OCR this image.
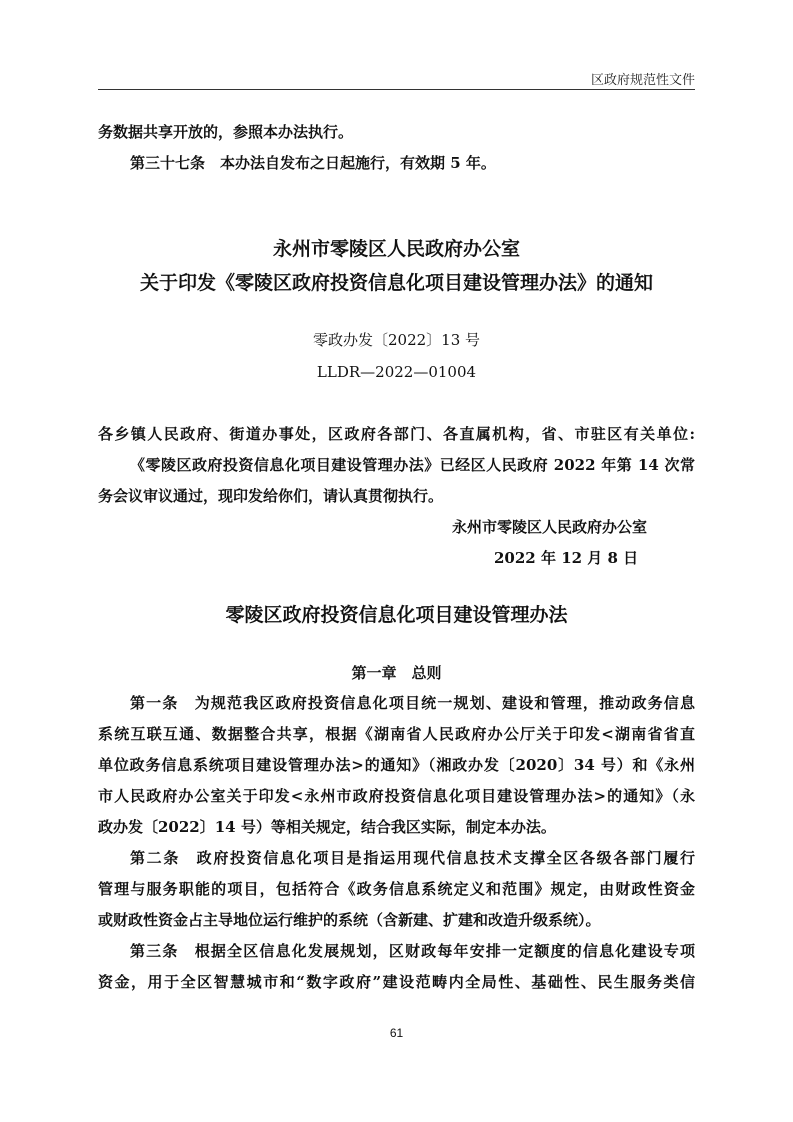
区政府规范性文件
务数据共享开放的，参照本办法执行。
第三十七条　本办法自发布之日起施行，有效期 5 年。
永州市零陵区人民政府办公室
关于印发《零陵区政府投资信息化项目建设管理办法》的通知
零政办发〔2022〕13 号
LLDR—2022—01004
各乡镇人民政府、街道办事处，区政府各部门、各直属机构，省、市驻区有关单位:
《零陵区政府投资信息化项目建设管理办法》已经区人民政府 2022 年第 14 次常
务会议审议通过，现印发给你们，请认真贯彻执行。
永州市零陵区人民政府办公室
2022 年 12 月 8 日
零陵区政府投资信息化项目建设管理办法
第一章　总则
第一条　为规范我区政府投资信息化项目统一规划、建设和管理，推动政务信息
系统互联互通、数据整合共享，根据《湖南省人民政府办公厅关于印发<湖南省省直
单位政务信息系统项目建设管理办法>的通知》（湘政办发〔2020〕34 号）和《永州
市人民政府办公室关于印发<永州市政府投资信息化项目建设管理办法>的通知》（永
政办发〔2022〕14 号）等相关规定，结合我区实际，制定本办法。
第二条　政府投资信息化项目是指运用现代信息技术支撑全区各级各部门履行
管理与服务职能的项目，包括符合《政务信息系统定义和范围》规定，由财政性资金
或财政性资金占主导地位运行维护的系统（含新建、扩建和改造升级系统）。
第三条　根据全区信息化发展规划，区财政每年安排一定额度的信息化建设专项
资金，用于全区智慧城市和“数字政府”建设范畴内全局性、基础性、民生服务类信
61
